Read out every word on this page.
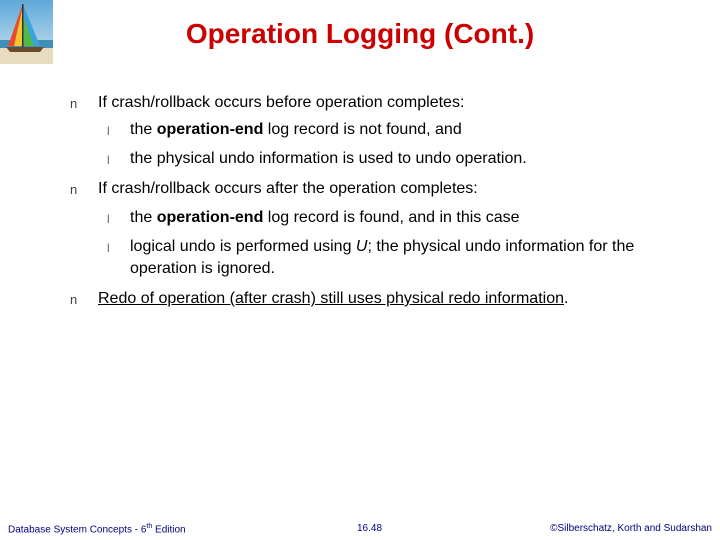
Operation Logging (Cont.)
n If crash/rollback occurs before operation completes:
l the operation-end log record is not found, and
l the physical undo information is used to undo operation.
n If crash/rollback occurs after the operation completes:
l the operation-end log record is found, and in this case
l logical undo is performed using U; the physical undo information for the operation is ignored.
n Redo of operation (after crash) still uses physical redo information.
Database System Concepts - 6th Edition	16.48	©Silberschatz, Korth and Sudarshan
